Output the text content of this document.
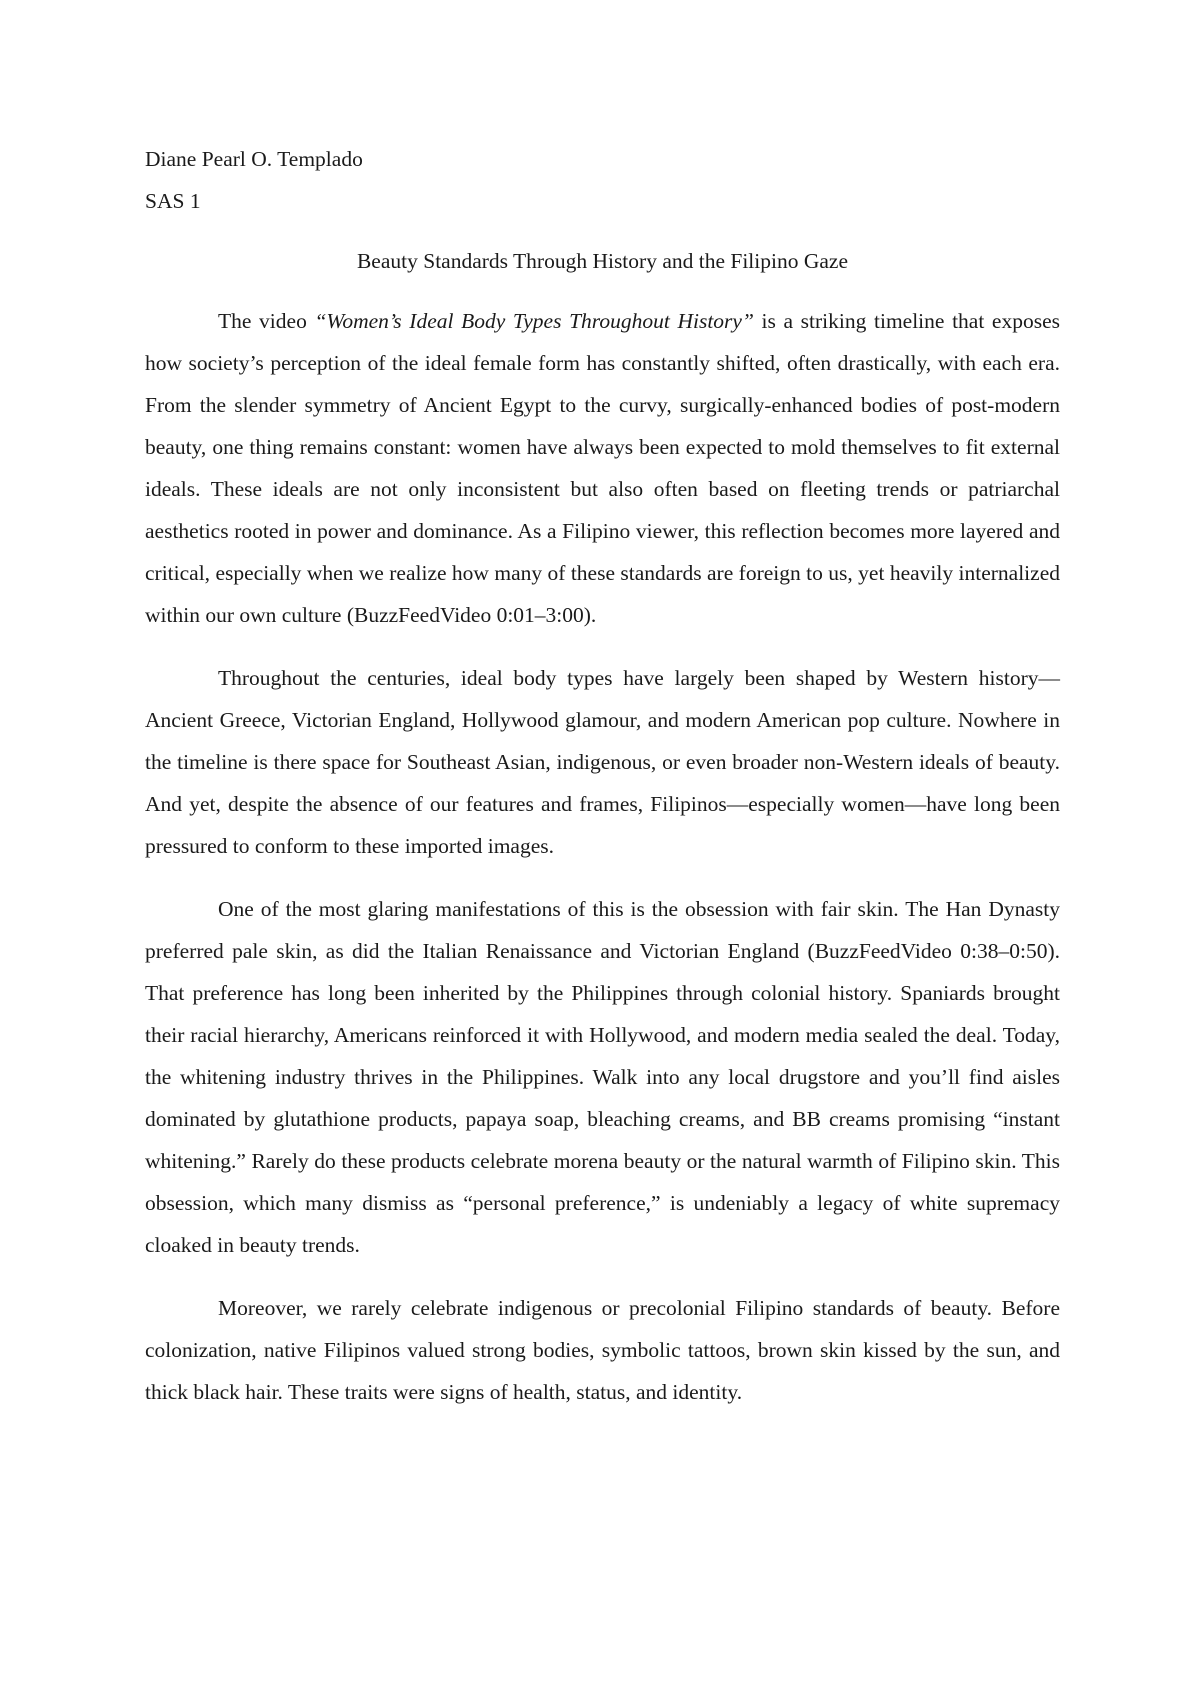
Diane Pearl O. Templado

SAS 1

Beauty Standards Through History and the Filipino Gaze

The video “Women’s Ideal Body Types Throughout History” is a striking timeline that exposes how society’s perception of the ideal female form has constantly shifted, often drastically, with each era. From the slender symmetry of Ancient Egypt to the curvy, surgically-enhanced bodies of post-modern beauty, one thing remains constant: women have always been expected to mold themselves to fit external ideals. These ideals are not only inconsistent but also often based on fleeting trends or patriarchal aesthetics rooted in power and dominance. As a Filipino viewer, this reflection becomes more layered and critical, especially when we realize how many of these standards are foreign to us, yet heavily internalized within our own culture (BuzzFeedVideo 0:01–3:00).

Throughout the centuries, ideal body types have largely been shaped by Western history—Ancient Greece, Victorian England, Hollywood glamour, and modern American pop culture. Nowhere in the timeline is there space for Southeast Asian, indigenous, or even broader non-Western ideals of beauty. And yet, despite the absence of our features and frames, Filipinos—especially women—have long been pressured to conform to these imported images.

One of the most glaring manifestations of this is the obsession with fair skin. The Han Dynasty preferred pale skin, as did the Italian Renaissance and Victorian England (BuzzFeedVideo 0:38–0:50). That preference has long been inherited by the Philippines through colonial history. Spaniards brought their racial hierarchy, Americans reinforced it with Hollywood, and modern media sealed the deal. Today, the whitening industry thrives in the Philippines. Walk into any local drugstore and you’ll find aisles dominated by glutathione products, papaya soap, bleaching creams, and BB creams promising “instant whitening.” Rarely do these products celebrate morena beauty or the natural warmth of Filipino skin. This obsession, which many dismiss as “personal preference,” is undeniably a legacy of white supremacy cloaked in beauty trends.

Moreover, we rarely celebrate indigenous or precolonial Filipino standards of beauty. Before colonization, native Filipinos valued strong bodies, symbolic tattoos, brown skin kissed by the sun, and thick black hair. These traits were signs of health, status, and identity.
